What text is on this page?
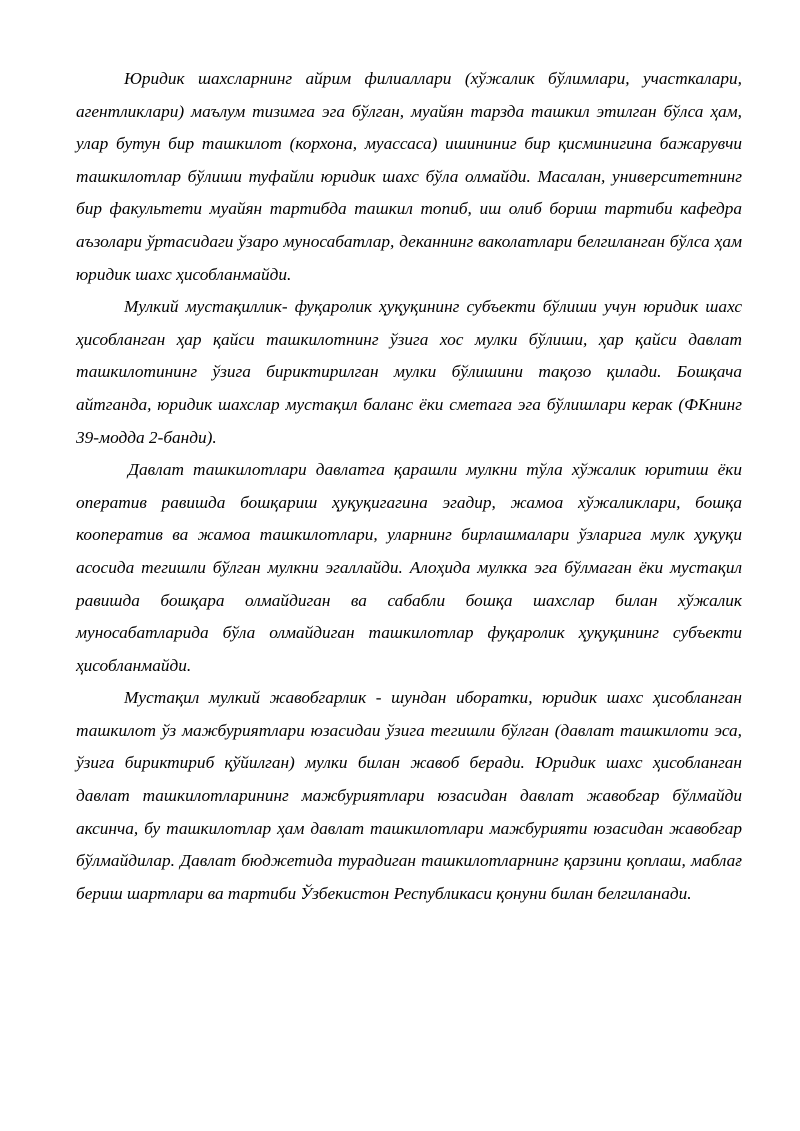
Юридик шахсларнинг айрим филиаллари (хўжалик бўлимлари, участкалари, агентликлари) маълум тизимга эга бўлган, муайян тарзда ташкил этилган бўлса ҳам, улар бутун бир ташкилот (корхона, муассаса) ишининиг бир қисминигина бажарувчи ташкилотлар бўлиши туфайли юридик шахс бўла олмайди. Масалан, университетнинг бир факультети муайян тартибда ташкил топиб, иш олиб бориш тартиби кафедра аъзолари ўртасидаги ўзаро муносабатлар, деканнинг ваколатлари белгиланган бўлса ҳам юридик шахс ҳисобланмайди.

Мулкий мустақиллик- фуқаролик ҳуқуқининг субъекти бўлиши учун юридик шахс ҳисобланган ҳар қайси ташкилотнинг ўзига хос мулки бўлиши, ҳар қайси давлат ташкилотининг ўзига бириктирилган мулки бўлишини тақозо қилади. Бошқача айтганда, юридик шахслар мустақил баланс ёки сметага эга бўлишлари керак (ФКнинг 39-модда 2-банди).

Давлат ташкилотлари давлатга қарашли мулкни тўла хўжалик юритиш ёки оператив равишда бошқариш ҳуқуқигагина эгадир, жамоа хўжаликлари, бошқа кооператив ва жамоа ташкилотлари, уларнинг бирлашмалари ўзларига мулк ҳуқуқи асосида тегишли бўлган мулкни эгаллайди. Алоҳида мулкка эга бўлмаган ёки мустақил равишда бошқара олмайдиган ва сабабли бошқа шахслар билан хўжалик муносабатларида бўла олмайдиган ташкилотлар фуқаролик ҳуқуқининг субъекти ҳисобланмайди.

Мустақил мулкий жавобгарлик - шундан иборатки, юридик шахс ҳисобланган ташкилот ўз мажбуриятлари юзасидаи ўзига тегишли бўлган (давлат ташкилоти эса, ўзига бириктириб қўйилган) мулки билан жавоб беради. Юридик шахс ҳисобланган давлат ташкилотларининг мажбуриятлари юзасидан давлат жавобгар бўлмайди аксинча, бу ташкилотлар ҳам давлат ташкилотлари мажбурияти юзасидан жавобгар бўлмайдилар. Давлат бюджетида турадиган ташкилотларнинг қарзини қоплаш, маблағ бериш шартлари ва тартиби Ўзбекистон Республикаси қонуни билан белгиланади.
